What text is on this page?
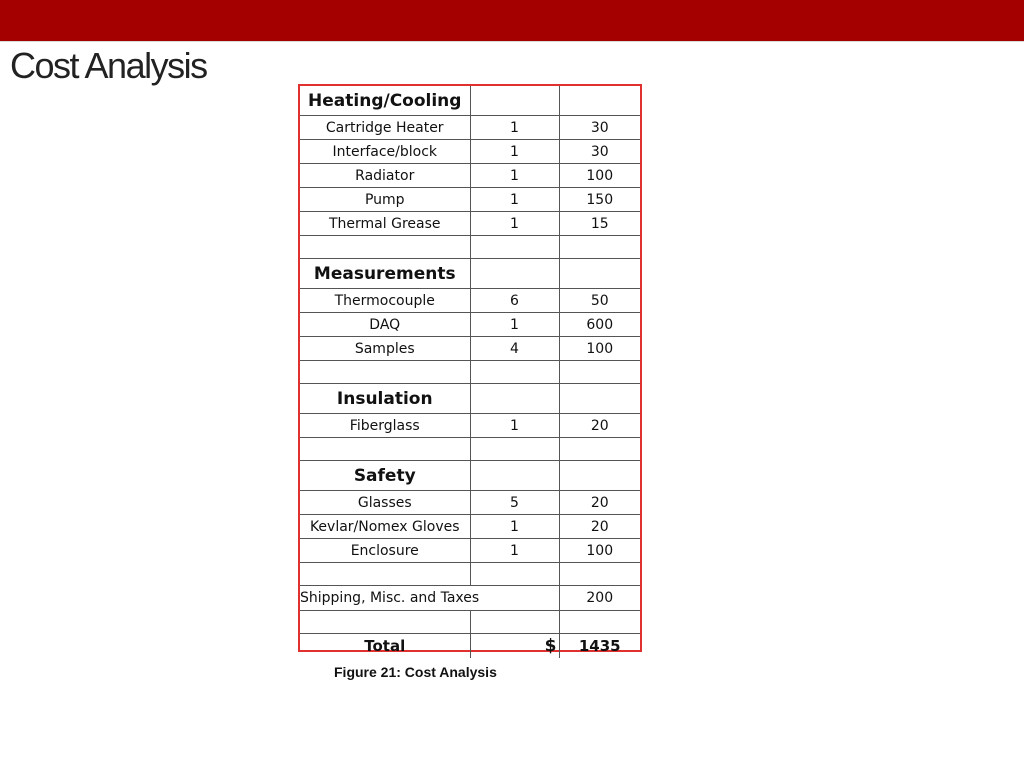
Cost Analysis
Heating/Cooling		
Cartridge Heater	1	30
Interface/block	1	30
Radiator	1	100
Pump	1	150
Thermal Grease	1	15

Measurements		
Thermocouple	6	50
DAQ	1	600
Samples	4	100

Insulation		
Fiberglass	1	20

Safety		
Glasses	5	20
Kevlar/Nomex Gloves	1	20
Enclosure	1	100

Shipping, Misc. and Taxes		200

Total	$	1435
Figure 21: Cost Analysis
